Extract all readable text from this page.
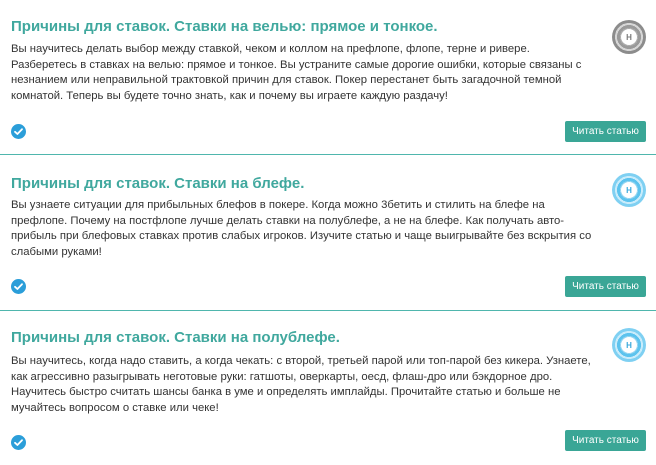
Причины для ставок. Ставки на велью: прямое и тонкое.
Н
Вы научитесь делать выбор между ставкой, чеком и коллом на префлопе, флопе, терне и ривере. Разберетесь в ставках на велью: прямое и тонкое. Вы устраните самые дорогие ошибки, которые связаны с незнанием или неправильной трактовкой причин для ставок. Покер перестанет быть загадочной темной комнатой. Теперь вы будете точно знать, как и почему вы играете каждую раздачу!
Читать статью
Причины для ставок. Ставки на блефе.	Н
Вы узнаете ситуации для прибыльных блефов в покере. Когда можно 3бетить и стилить на блефе на префлопе. Почему на постфлопе лучше делать ставки на полублефе, а не на блефе. Как получать авто-прибыль при блефовых ставках против слабых игроков. Изучите статью и чаще выигрывайте без вскрытия со слабыми руками!
Читать статью
Причины для ставок. Ставки на полублефе.	Н
Вы научитесь, когда надо ставить, а когда чекать: с второй, третьей парой или топ-парой без кикера. Узнаете, как агрессивно разыгрывать неготовые руки: гатшоты, оверкарты, оесд, флаш-дро или бэкдорное дро. Научитесь быстро считать шансы банка в уме и определять имплайды. Прочитайте статью и больше не мучайтесь вопросом о ставке или чеке!
Читать статью
